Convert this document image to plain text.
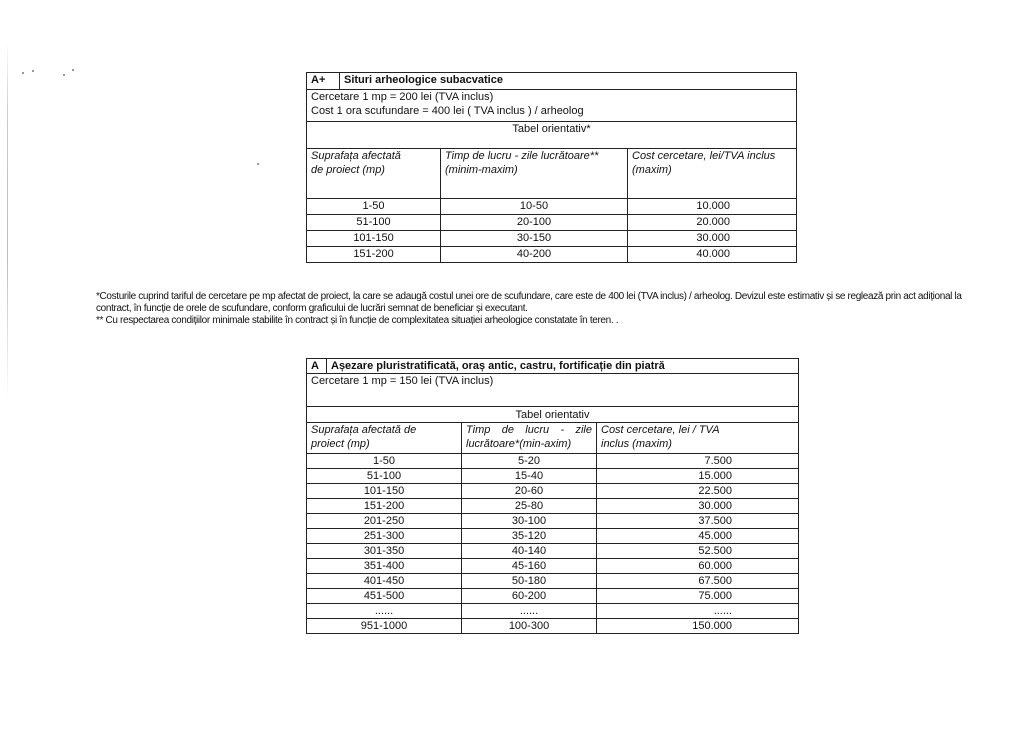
A+	Situri arheologice subacvatice		

Cercetare 1 mp = 200 lei (TVA inclus)
Cost 1 ora scufundare = 400 lei ( TVA inclus ) / arheolog			

Tabel orientativ*			
Suprafața afectată de proiect (mp)		Timp de lucru - zile lucrătoare** (minim-maxim)	Cost cercetare, lei/TVA inclus (maxim)
1-50		10-50	10.000
51-100		20-100	20.000
101-150		30-150	30.000
151-200		40-200	40.000
*Costurile cuprind tariful de cercetare pe mp afectat de proiect, la care se adaugă costul unei ore de scufundare, care este de 400 lei (TVA inclus) / arheolog. Devizul este estimativ și se reglează prin act adițional la
contract, în funcție de orele de scufundare, conform graficului de lucrări semnat de beneficiar și executant.
** Cu respectarea condițiilor minimale stabilite în contract și în funcție de complexitatea situației arheologice constatate în teren. .
A	Așezare pluristratificată, oraș antic, castru, fortificație din piatră		
Cercetare 1 mp = 150 lei (TVA inclus)			
Tabel orientativ			
Suprafața afectată de proiect (mp)		Timp de lucru - zile lucrătoare*(min-axim)	Cost cercetare, lei / TVA inclus (maxim)
1-50		5-20	7.500
51-100		15-40	15.000
101-150		20-60	22.500
151-200		25-80	30.000
201-250		30-100	37.500
251-300		35-120	45.000
301-350		40-140	52.500
351-400		45-160	60.000
401-450		50-180	67.500
451-500		60-200	75.000
......		......	......
951-1000		100-300	150.000
